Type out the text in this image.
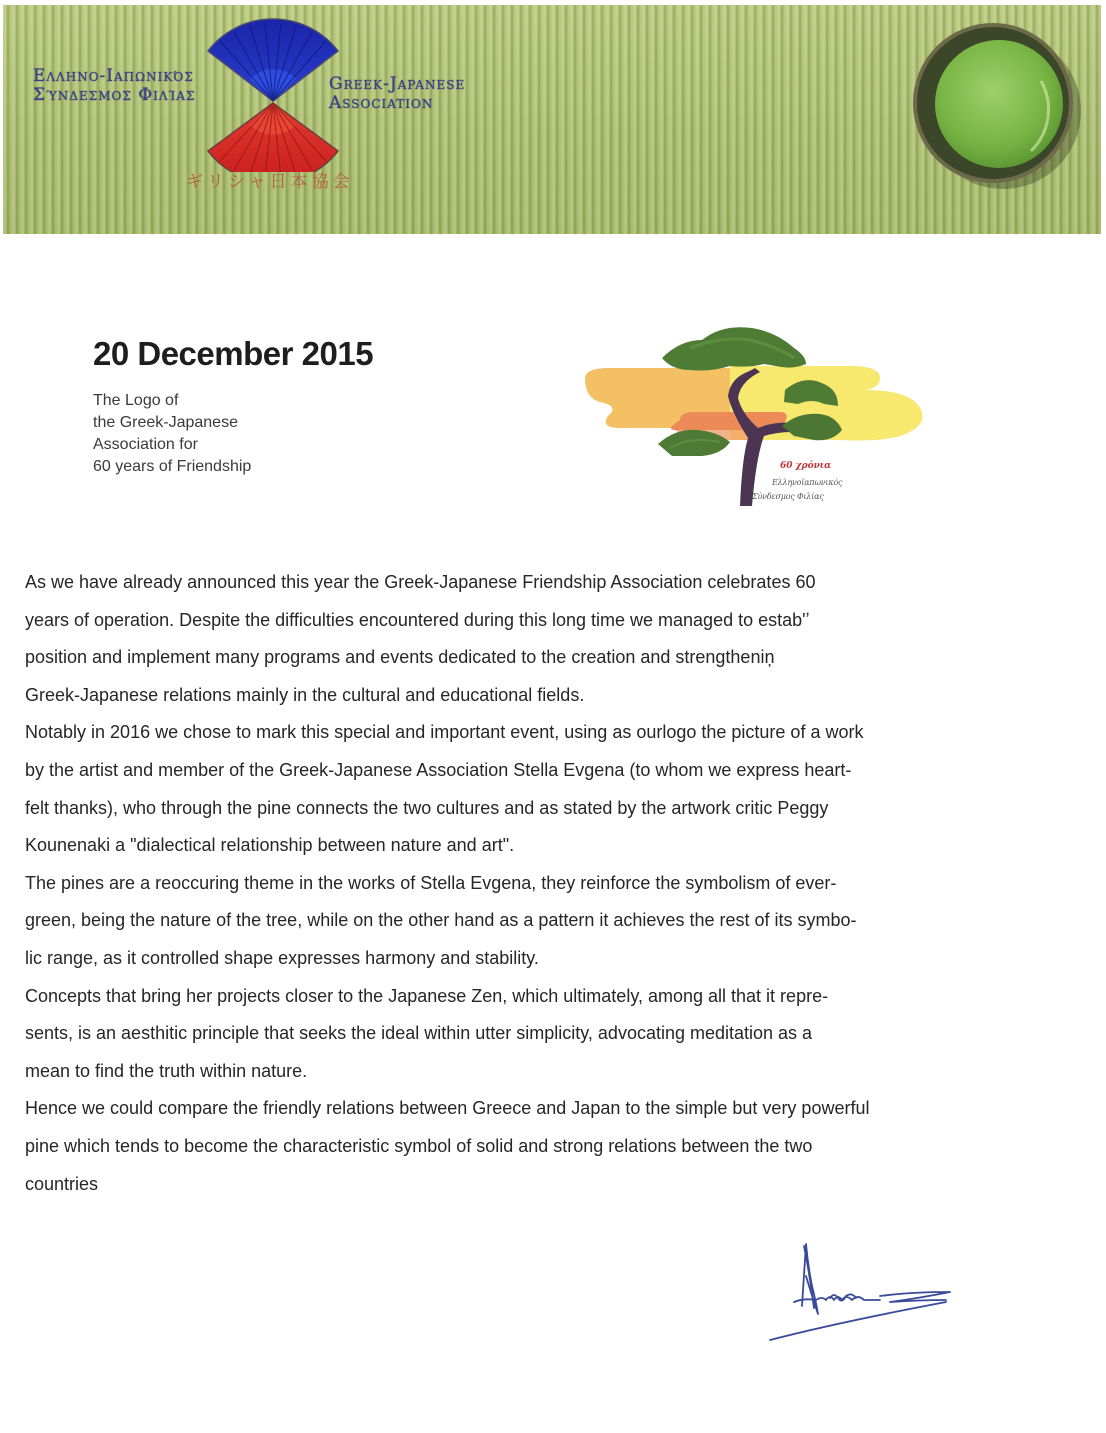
Ελληνο-Ιαπωνικός
Σύνδεσμος Φιλίας
Greek-Japanese
Association
ギリシャ日本協会
20 December 2015
The Logo of
the Greek-Japanese
Association for
60 years of Friendship	60 χρόνια
Ελληνοϊαπωνικός
Σύνδεσμος Φιλίας
As we have already announced this year the Greek-Japanese Friendship Association celebrates 60
years of operation. Despite the difficulties encountered during this long time we managed to estab'ʼ
position and implement many programs and events dedicated to the creation and strengtheniņ
Greek-Japanese relations mainly in the cultural and educational fields.
Notably in 2016 we chose to mark this special and important event, using as ourlogo the picture of a work
by the artist and member of the Greek-Japanese Association Stella Evgena (to whom we express heart-
felt thanks), who through the pine connects the two cultures and as stated by the artwork critic Peggy
Kounenaki a "dialectical relationship between nature and art".
The pines are a reoccuring theme in the works of Stella Evgena, they reinforce the symbolism of ever-
green, being the nature of the tree, while on the other hand as a pattern it achieves the rest of its symbo-
lic range, as it controlled shape expresses harmony and stability.
Concepts that bring her projects closer to the Japanese Zen, which ultimately, among all that it repre-
sents, is an aesthitic principle that seeks the ideal within utter simplicity, advocating meditation as a
mean to find the truth within nature.
Hence we could compare the friendly relations between Greece and Japan to the simple but very powerful
pine which tends to become the characteristic symbol of solid and strong relations between the two
countries
